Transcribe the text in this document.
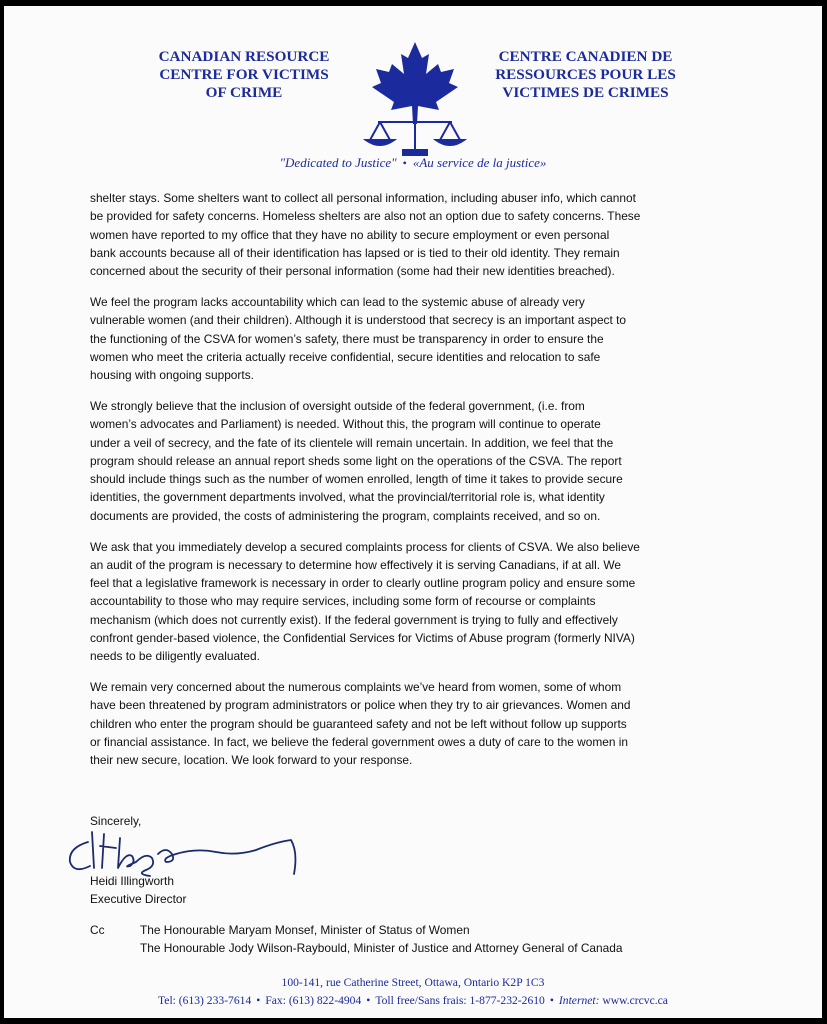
CANADIAN RESOURCE
CENTRE FOR VICTIMS
OF CRIME
CENTRE CANADIEN DE
RESSOURCES POUR LES
VICTIMES DE CRIMES
"Dedicated to Justice" • «Au service de la justice»
shelter stays. Some shelters want to collect all personal information, including abuser info, which cannot
be provided for safety concerns. Homeless shelters are also not an option due to safety concerns. These
women have reported to my office that they have no ability to secure employment or even personal
bank accounts because all of their identification has lapsed or is tied to their old identity. They remain
concerned about the security of their personal information (some had their new identities breached).
We feel the program lacks accountability which can lead to the systemic abuse of already very
vulnerable women (and their children). Although it is understood that secrecy is an important aspect to
the functioning of the CSVA for women’s safety, there must be transparency in order to ensure the
women who meet the criteria actually receive confidential, secure identities and relocation to safe
housing with ongoing supports.
We strongly believe that the inclusion of oversight outside of the federal government, (i.e. from
women’s advocates and Parliament) is needed. Without this, the program will continue to operate
under a veil of secrecy, and the fate of its clientele will remain uncertain. In addition, we feel that the
program should release an annual report sheds some light on the operations of the CSVA. The report
should include things such as the number of women enrolled, length of time it takes to provide secure
identities, the government departments involved, what the provincial/territorial role is, what identity
documents are provided, the costs of administering the program, complaints received, and so on.
We ask that you immediately develop a secured complaints process for clients of CSVA. We also believe
an audit of the program is necessary to determine how effectively it is serving Canadians, if at all. We
feel that a legislative framework is necessary in order to clearly outline program policy and ensure some
accountability to those who may require services, including some form of recourse or complaints
mechanism (which does not currently exist). If the federal government is trying to fully and effectively
confront gender-based violence, the Confidential Services for Victims of Abuse program (formerly NIVA)
needs to be diligently evaluated.
We remain very concerned about the numerous complaints we’ve heard from women, some of whom
have been threatened by program administrators or police when they try to air grievances. Women and
children who enter the program should be guaranteed safety and not be left without follow up supports
or financial assistance. In fact, we believe the federal government owes a duty of care to the women in
their new secure, location. We look forward to your response.
Sincerely,
Heidi Illingworth
Executive Director
Cc	The Honourable Maryam Monsef, Minister of Status of Women
The Honourable Jody Wilson-Raybould, Minister of Justice and Attorney General of Canada
100-141, rue Catherine Street, Ottawa, Ontario K2P 1C3
Tel: (613) 233-7614 • Fax: (613) 822-4904 • Toll free/Sans frais: 1-877-232-2610 • Internet: www.crcvc.ca
